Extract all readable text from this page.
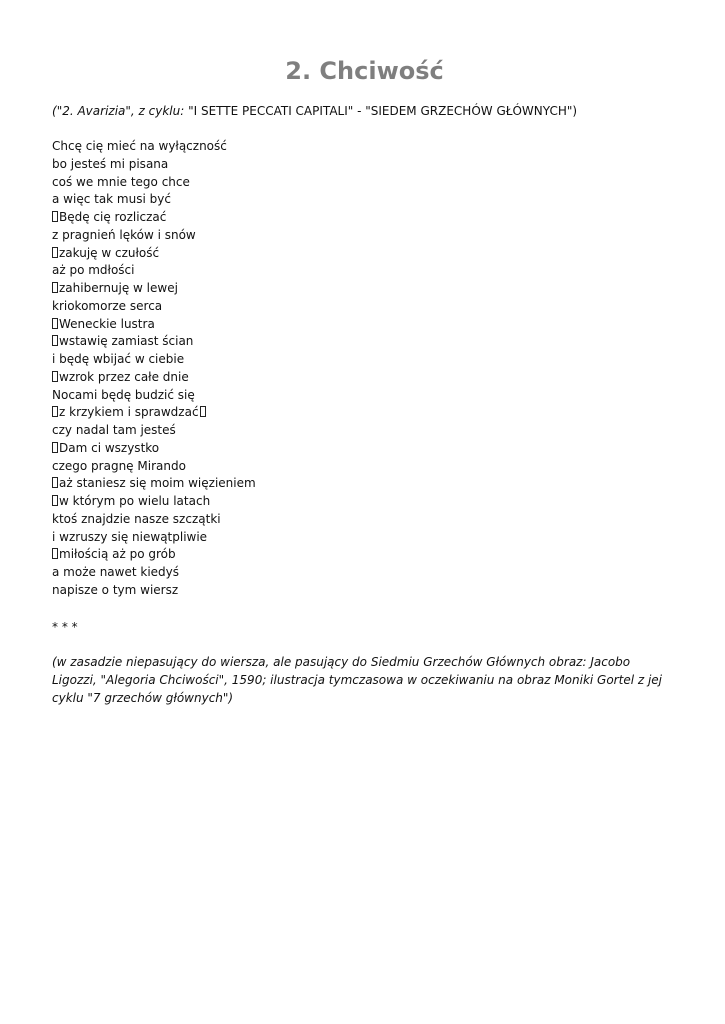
2. Chciwość

("2. Avarizia", z cyklu: "I SETTE PECCATI CAPITALI" - "SIEDEM GRZECHÓW GŁÓWNYCH")

Chcę cię mieć na wyłączność
bo jesteś mi pisana
coś we mnie tego chce
a więc tak musi być
Będę cię rozliczać
z pragnień lęków i snów
zakuję w czułość
aż po mdłości
zahibernuję w lewej
kriokomorze serca
Weneckie lustra
wstawię zamiast ścian
i będę wbijać w ciebie
wzrok przez całe dnie
Nocami będę budzić się
z krzykiem i sprawdzać
czy nadal tam jesteś
Dam ci wszystko
czego pragnę Mirando
aż staniesz się moim więzieniem
w którym po wielu latach
ktoś znajdzie nasze szczątki
i wzruszy się niewątpliwie
miłością aż po grób
a może nawet kiedyś
napisze o tym wiersz

* * *

(w zasadzie niepasujący do wiersza, ale pasujący do Siedmiu Grzechów Głównych obraz: Jacobo Ligozzi, "Alegoria Chciwości", 1590; ilustracja tymczasowa w oczekiwaniu na obraz Moniki Gortel z jej cyklu "7 grzechów głównych")
